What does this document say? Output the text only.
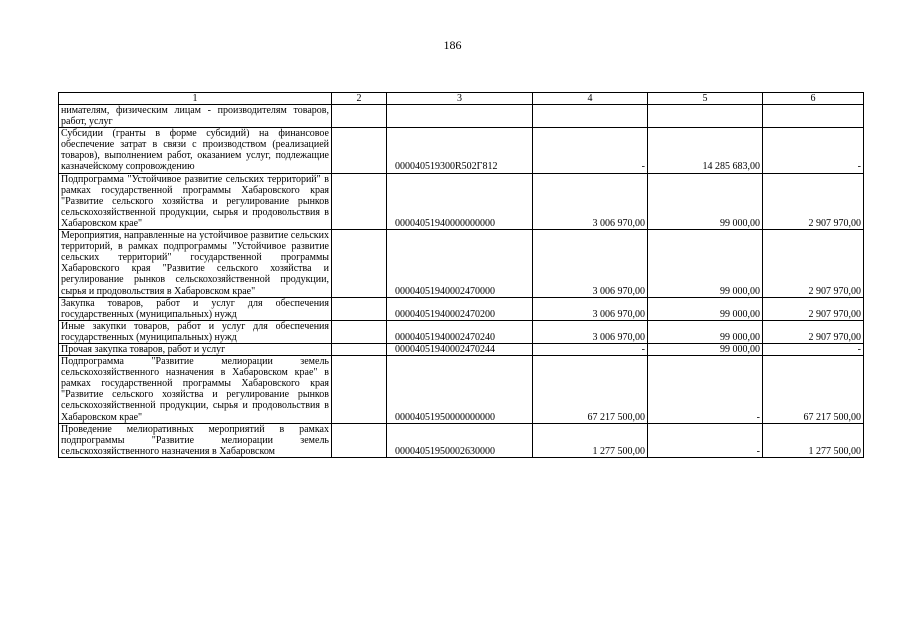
186
1	2	3	4	5	6
нимателям, физическим лицам - производителям товаров, работ, услуг					
Субсидии (гранты в форме субсидий) на финансовое обеспечение затрат в связи с производством (реализацией товаров), выполнением работ, оказанием услуг, подлежащие казначейскому сопровождению		000040519300R502Г812	-	14 285 683,00	-
Подпрограмма "Устойчивое развитие сельских территорий" в рамках государственной программы Хабаровского края "Развитие сельского хозяйства и регулирование рынков сельскохозяйственной продукции, сырья и продовольствия в Хабаровском крае"		00004051940000000000	3 006 970,00	99 000,00	2 907 970,00
Мероприятия, направленные на устойчивое развитие сельских территорий, в рамках подпрограммы "Устойчивое развитие сельских территорий" государственной программы Хабаровского края "Развитие сельского хозяйства и регулирование рынков сельскохозяйственной продукции, сырья и продовольствия в Хабаровском крае"		00004051940002470000	3 006 970,00	99 000,00	2 907 970,00
Закупка товаров, работ и услуг для обеспечения государственных (муниципальных) нужд		00004051940002470200	3 006 970,00	99 000,00	2 907 970,00
Иные закупки товаров, работ и услуг для обеспечения государственных (муниципальных) нужд		00004051940002470240	3 006 970,00	99 000,00	2 907 970,00
Прочая закупка товаров, работ и услуг		00004051940002470244	-	99 000,00	-
Подпрограмма "Развитие мелиорации земель сельскохозяйственного назначения в Хабаровском крае" в рамках государственной программы Хабаровского края "Развитие сельского хозяйства и регулирование рынков сельскохозяйственной продукции, сырья и продовольствия в Хабаровском крае"		00004051950000000000	67 217 500,00	-	67 217 500,00
Проведение мелиоративных мероприятий в рамках подпрограммы "Развитие мелиорации земель сельскохозяйственного назначения в Хабаровском		00004051950002630000	1 277 500,00	-	1 277 500,00
